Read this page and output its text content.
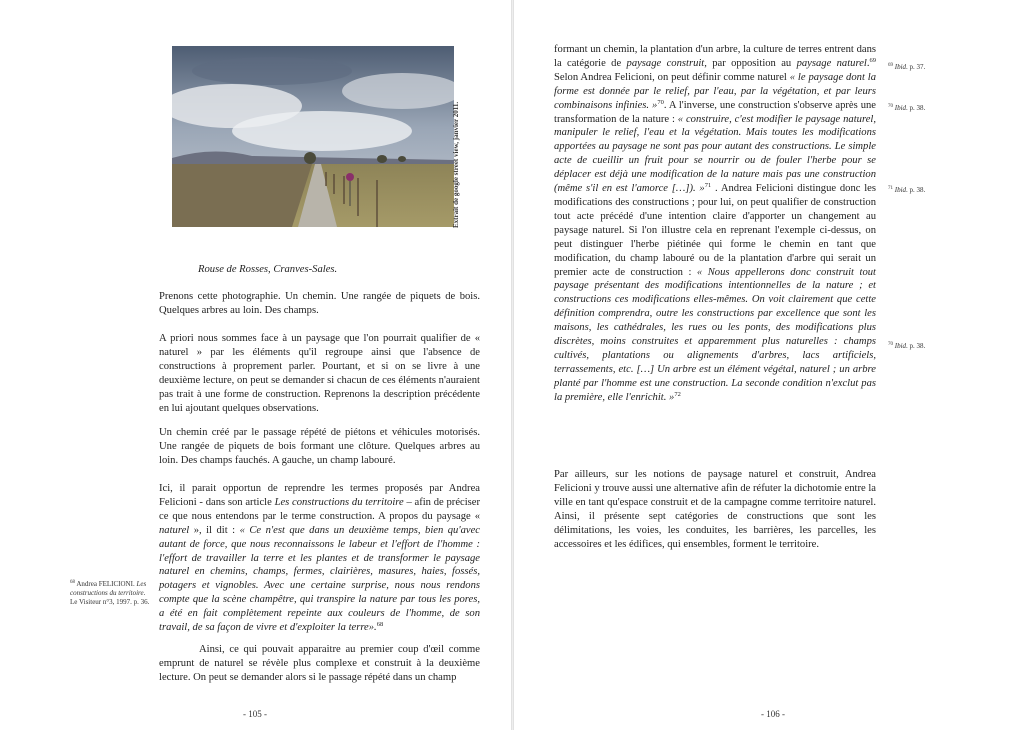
Extrait de google street view, janvier 2011.
Rouse de Rosses, Cranves-Sales.
Prenons cette photographie. Un chemin. Une rangée de piquets de bois. Quelques arbres au loin. Des champs.
A priori nous sommes face à un paysage que l'on pourrait qualifier de « naturel » par les éléments qu'il regroupe ainsi que l'absence de constructions à proprement parler. Pourtant, et si on se livre à une deuxième lecture, on peut se demander si chacun de ces éléments n'auraient pas trait à une forme de construction. Reprenons la description précédente en lui ajoutant quelques observations.
Un chemin créé par le passage répété de piétons et véhicules motorisés. Une rangée de piquets de bois formant une clôture. Quelques arbres au loin. Des champs fauchés. A gauche, un champ labouré.
Ici, il parait opportun de reprendre les termes proposés par Andrea Felicioni - dans son article Les constructions du territoire – afin de préciser ce que nous entendons par le terme construction. A propos du paysage « naturel », il dit : « Ce n'est que dans un deuxième temps, bien qu'avec autant de force, que nous reconnaissons le labeur et l'effort de l'homme : l'effort de travailler la terre et les plantes et de transformer le paysage naturel en chemins, champs, fermes, clairières, masures, haies, fossés, potagers et vignobles. Avec une certaine surprise, nous nous rendons compte que la scène champêtre, qui transpire la nature par tous les pores, a été en fait complètement repeinte aux couleurs de l'homme, de son travail, de sa façon de vivre et d'exploiter la terre».$^{68}$
Ainsi, ce qui pouvait apparaitre au premier coup d'œil comme emprunt de naturel se révèle plus complexe et construit à la deuxième lecture. On peut se demander alors si le passage répété dans un champ
$^{68}$ Andrea FELICIONI. Les constructions du territoire. Le Visiteur n°3, 1997. p. 36.
- 105 -
formant un chemin, la plantation d'un arbre, la culture de terres entrent dans la catégorie de paysage construit, par opposition au paysage naturel.$^{69}$ Selon Andrea Felicioni, on peut définir comme naturel « le paysage dont la forme est donnée par le relief, par l'eau, par la végétation, et par leurs combinaisons infinies. »$^{70}$. A l'inverse, une construction s'observe après une transformation de la nature : « construire, c'est modifier le paysage naturel, manipuler le relief, l'eau et la végétation. Mais toutes les modifications apportées au paysage ne sont pas pour autant des constructions. Le simple acte de cueillir un fruit pour se nourrir ou de fouler l'herbe pour se déplacer est déjà une modification de la nature mais pas une construction (même s'il en est l'amorce […]). »$^{71}$ . Andrea Felicioni distingue donc les modifications des constructions ; pour lui, on peut qualifier de construction tout acte précédé d'une intention claire d'apporter un changement au paysage naturel. Si l'on illustre cela en reprenant l'exemple ci-dessus, on peut distinguer l'herbe piétinée qui forme le chemin en tant que modification, du champ labouré ou de la plantation d'arbre qui serait un premier acte de construction : « Nous appellerons donc construit tout paysage présentant des modifications intentionnelles de la nature ; et constructions ces modifications elles-mêmes. On voit clairement que cette définition comprendra, outre les constructions par excellence que sont les maisons, les cathédrales, les rues ou les ponts, des modifications plus discrètes, moins construites et apparemment plus naturelles : champs cultivés, plantations ou alignements d'arbres, lacs artificiels, terrassements, etc. […] Un arbre est un élément végétal, naturel ; un arbre planté par l'homme est une construction. La seconde condition n'exclut pas la première, elle l'enrichit. »$^{72}$
Par ailleurs, sur les notions de paysage naturel et construit, Andrea Felicioni y trouve aussi une alternative afin de réfuter la dichotomie entre la ville en tant qu'espace construit et de la campagne comme territoire naturel. Ainsi, il présente sept catégories de constructions que sont les délimitations, les voies, les conduites, les barrières, les parcelles, les accessoires et les édifices, qui ensembles, forment le territoire.
$^{69}$ Ibid. p. 37.
$^{70}$ Ibid. p. 38.
$^{71}$ Ibid. p. 38.
$^{70}$ Ibid. p. 38.
- 106 -
